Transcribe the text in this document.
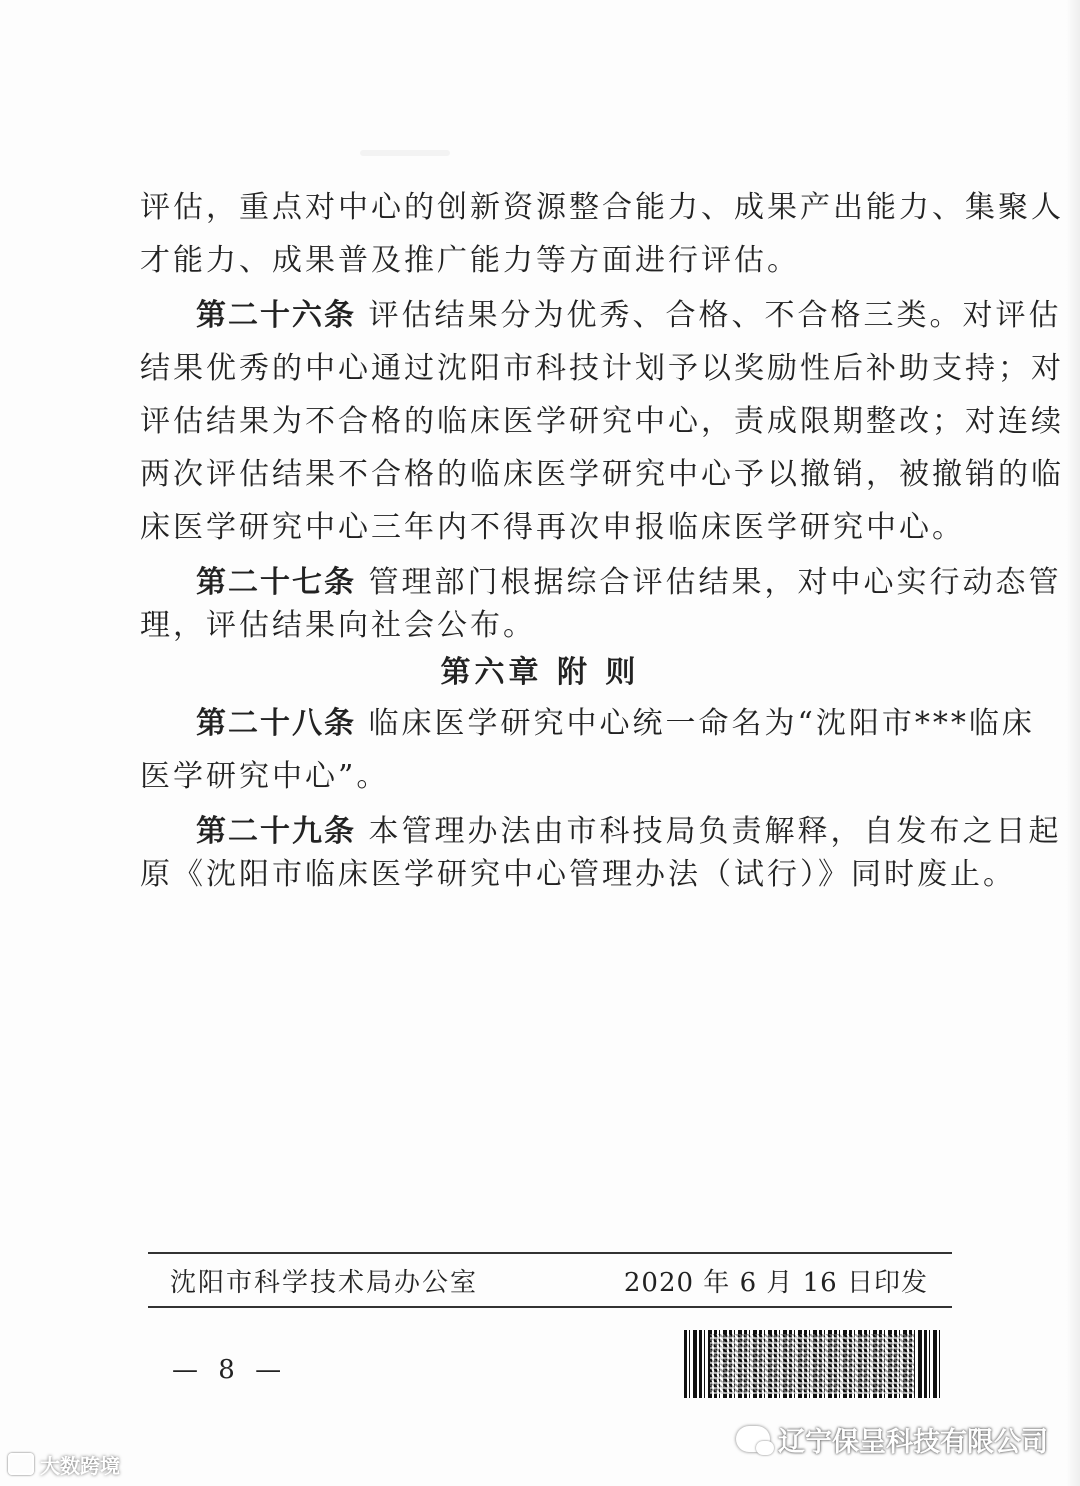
评估，重点对中心的创新资源整合能力、成果产出能力、集聚人
才能力、成果普及推广能力等方面进行评估。
第二十六条 评估结果分为优秀、合格、不合格三类。对评估
结果优秀的中心通过沈阳市科技计划予以奖励性后补助支持；对
评估结果为不合格的临床医学研究中心，责成限期整改；对连续
两次评估结果不合格的临床医学研究中心予以撤销，被撤销的临
床医学研究中心三年内不得再次申报临床医学研究中心。
第二十七条 管理部门根据综合评估结果，对中心实行动态管
理，评估结果向社会公布。
第六章 附 则
第二十八条 临床医学研究中心统一命名为“沈阳市***临床
医学研究中心”。
第二十九条 本管理办法由市科技局负责解释，自发布之日起
原《沈阳市临床医学研究中心管理办法（试行）》同时废止。
沈阳市科学技术局办公室	2020 年 6 月 16 日印发
— 8 —
辽宁保呈科技有限公司
大数跨境
